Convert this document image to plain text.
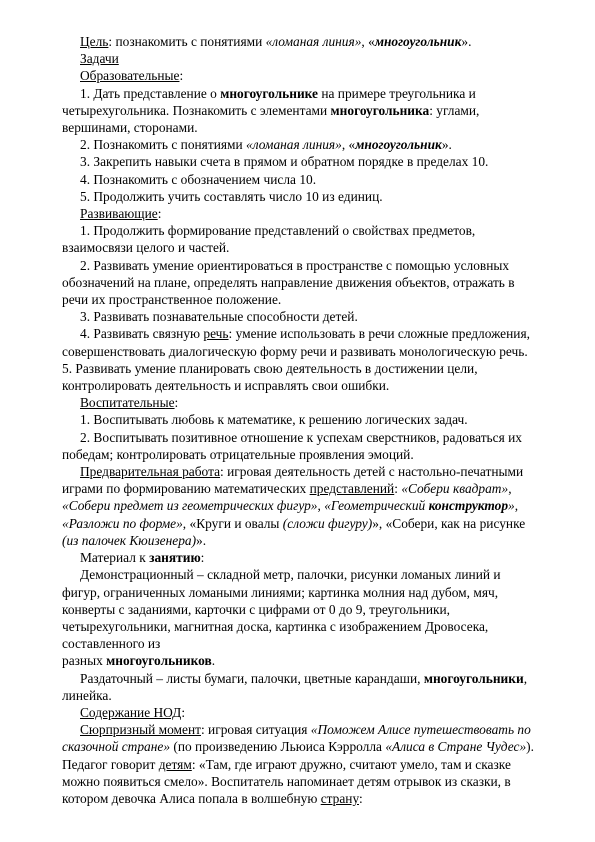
Цель: познакомить с понятиями «ломаная линия», «многоугольник».

Задачи

Образовательные:

1. Дать представление о многоугольнике на примере треугольника и четырехугольника. Познакомить с элементами многоугольника: углами, вершинами, сторонами.

2. Познакомить с понятиями «ломаная линия», «многоугольник».

3. Закрепить навыки счета в прямом и обратном порядке в пределах 10.

4. Познакомить с обозначением числа 10.

5. Продолжить учить составлять число 10 из единиц.

Развивающие:

1. Продолжить формирование представлений о свойствах предметов, взаимосвязи целого и частей.

2. Развивать умение ориентироваться в пространстве с помощью условных обозначений на плане, определять направление движения объектов, отражать в речи их пространственное положение.

3. Развивать познавательные способности детей.

4. Развивать связную речь: умение использовать в речи сложные предложения, совершенствовать диалогическую форму речи и развивать монологическую речь. 5. Развивать умение планировать свою деятельность в достижении цели, контролировать деятельность и исправлять свои ошибки.

Воспитательные:

1. Воспитывать любовь к математике, к решению логических задач.

2. Воспитывать позитивное отношение к успехам сверстников, радоваться их победам; контролировать отрицательные проявления эмоций.

Предварительная работа: игровая деятельность детей с настольно-печатными играми по формированию математических представлений: «Собери квадрат», «Собери предмет из геометрических фигур», «Геометрический конструктор», «Разложи по форме», «Круги и овалы (сложи фигуру)», «Собери, как на рисунке (из палочек Кюизенера)».

Материал к занятию:

Демонстрационный – складной метр, палочки, рисунки ломаных линий и фигур, ограниченных ломаными линиями; картинка молния над дубом, мяч, конверты с заданиями, карточки с цифрами от 0 до 9, треугольники, четырехугольники, магнитная доска, картинка с изображением Дровосека, составленного из

разных многоугольников.

Раздаточный – листы бумаги, палочки, цветные карандаши, многоугольники, линейка.

Содержание НОД:

Сюрпризный момент: игровая ситуация «Поможем Алисе путешествовать по сказочной стране» (по произведению Льюиса Кэрролла «Алиса в Стране Чудес»). Педагог говорит детям: «Там, где играют дружно, считают умело, там и сказке можно появиться смело». Воспитатель напоминает детям отрывок из сказки, в котором девочка Алиса попала в волшебную страну:
